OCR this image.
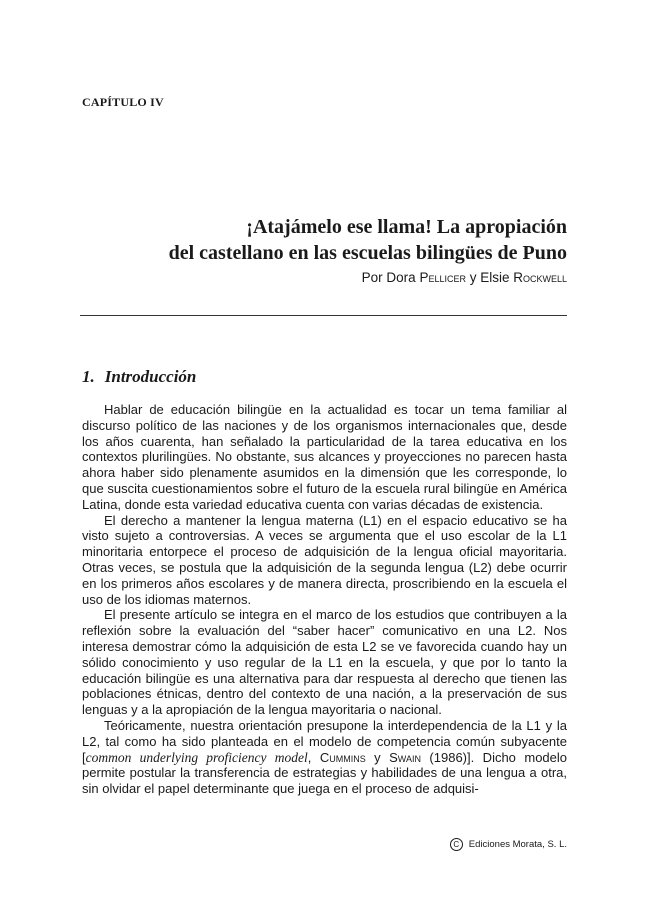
CAPÍTULO IV
¡Atajámelo ese llama! La apropiación
del castellano en las escuelas bilingües de Puno
Por Dora Pellicer y Elsie Rockwell
1. Introducción

Hablar de educación bilingüe en la actualidad es tocar un tema familiar al discurso político de las naciones y de los organismos internacionales que, desde los años cuarenta, han señalado la particularidad de la tarea educativa en los contextos plurilingües. No obstante, sus alcances y proyecciones no parecen hasta ahora haber sido plenamente asumidos en la dimensión que les corresponde, lo que suscita cuestionamientos sobre el futuro de la escuela rural bilingüe en América Latina, donde esta variedad educativa cuenta con varias décadas de existencia.

El derecho a mantener la lengua materna (L1) en el espacio educativo se ha visto sujeto a controversias. A veces se argumenta que el uso escolar de la L1 minoritaria entorpece el proceso de adquisición de la lengua oficial mayoritaria. Otras veces, se postula que la adquisición de la segunda lengua (L2) debe ocurrir en los primeros años escolares y de manera directa, proscribiendo en la escuela el uso de los idiomas maternos.

El presente artículo se integra en el marco de los estudios que contribuyen a la reflexión sobre la evaluación del “saber hacer” comunicativo en una L2. Nos interesa demostrar cómo la adquisición de esta L2 se ve favorecida cuando hay un sólido conocimiento y uso regular de la L1 en la escuela, y que por lo tanto la educación bilingüe es una alternativa para dar respuesta al derecho que tienen las poblaciones étnicas, dentro del contexto de una nación, a la preservación de sus lenguas y a la apropiación de la lengua mayoritaria o nacional.

Teóricamente, nuestra orientación presupone la interdependencia de la L1 y la L2, tal como ha sido planteada en el modelo de competencia común subyacente [common underlying proficiency model, Cummins y Swain (1986)]. Dicho modelo permite postular la transferencia de estrategias y habilidades de una lengua a otra, sin olvidar el papel determinante que juega en el proceso de adquisi-

C Ediciones Morata, S. L.
